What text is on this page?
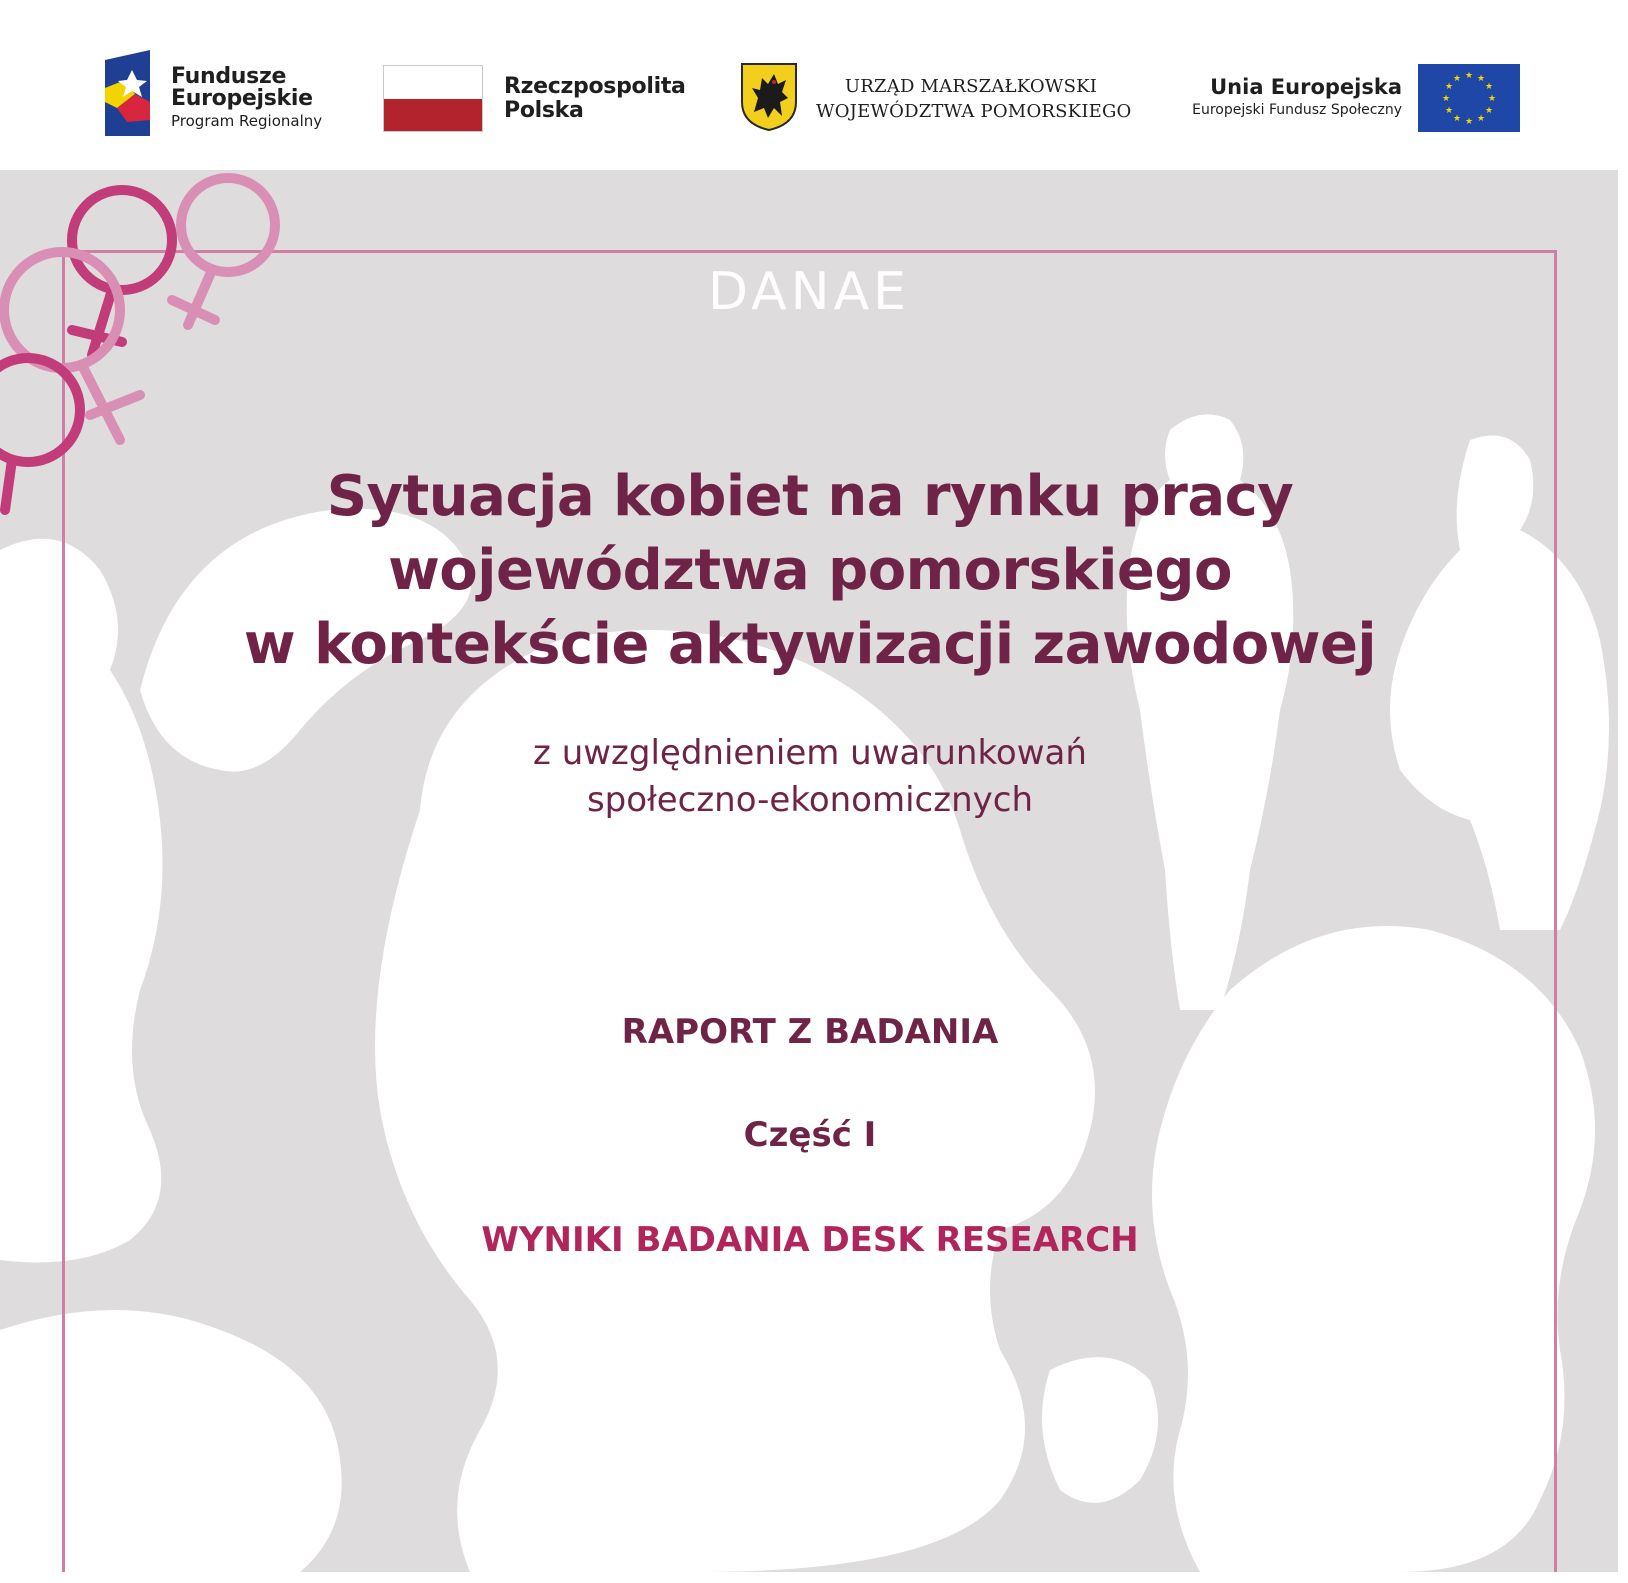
Fundusze
Europejskie
Program Regionalny
Rzeczpospolita
Polska
URZĄD MARSZAŁKOWSKI
WOJEWÓDZTWA POMORSKIEGO
Unia Europejska
Europejski Fundusz Społeczny
★ ★
★
★
★
★
★
★
★
★
★
★
DANAE
Sytuacja kobiet na rynku pracy
województwa pomorskiego
w kontekście aktywizacji zawodowej
z uwzględnieniem uwarunkowań
społeczno-ekonomicznych
RAPORT Z BADANIA
Część I
WYNIKI BADANIA DESK RESEARCH
